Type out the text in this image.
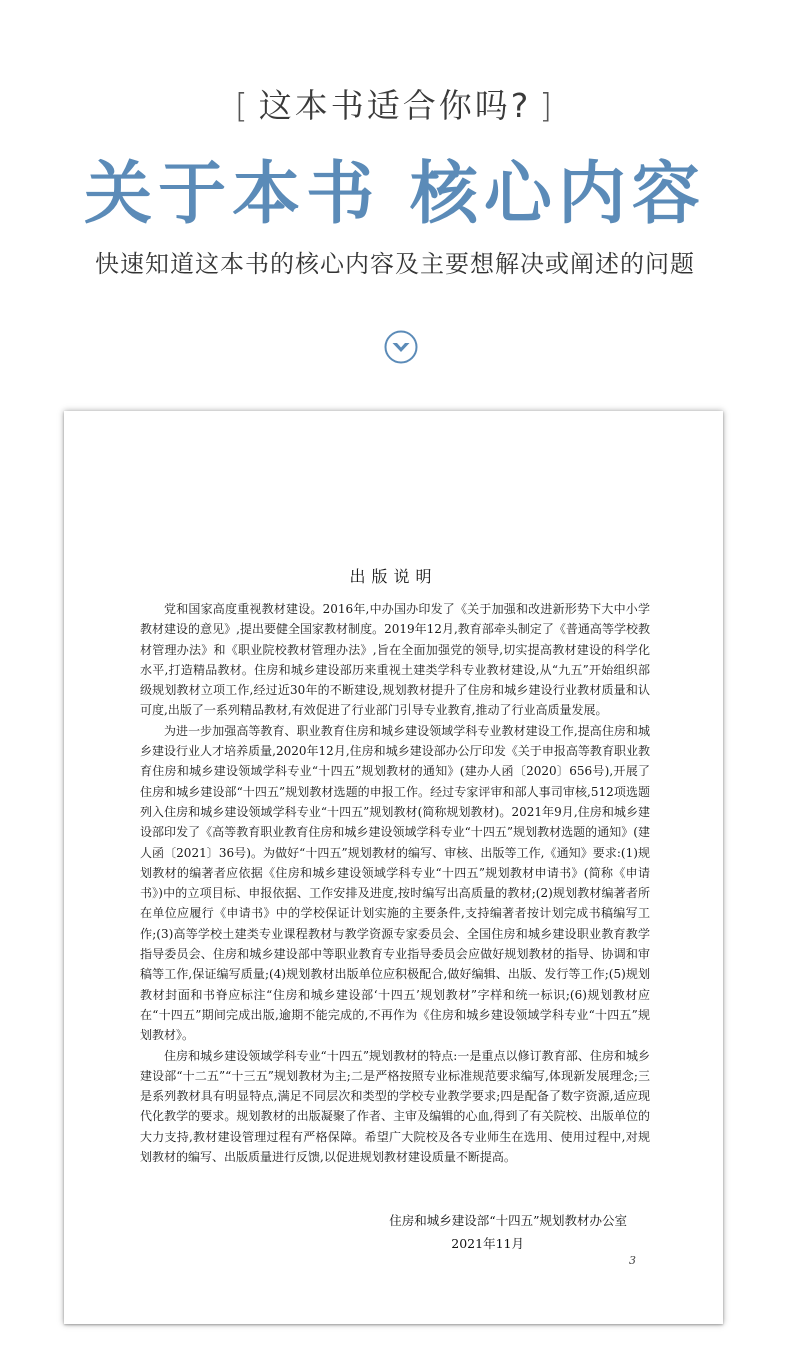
[ 这本书适合你吗? ]
关于本书 核心内容
快速知道这本书的核心内容及主要想解决或阐述的问题
出版说明

党和国家高度重视教材建设。2016年,中办国办印发了《关于加强和改进新形势下大中小学教材建设的意见》,提出要健全国家教材制度。2019年12月,教育部牵头制定了《普通高等学校教材管理办法》和《职业院校教材管理办法》,旨在全面加强党的领导,切实提高教材建设的科学化水平,打造精品教材。住房和城乡建设部历来重视土建类学科专业教材建设,从“九五”开始组织部级规划教材立项工作,经过近30年的不断建设,规划教材提升了住房和城乡建设行业教材质量和认可度,出版了一系列精品教材,有效促进了行业部门引导专业教育,推动了行业高质量发展。

为进一步加强高等教育、职业教育住房和城乡建设领域学科专业教材建设工作,提高住房和城乡建设行业人才培养质量,2020年12月,住房和城乡建设部办公厅印发《关于申报高等教育职业教育住房和城乡建设领域学科专业“十四五”规划教材的通知》(建办人函〔2020〕656号),开展了住房和城乡建设部“十四五”规划教材选题的申报工作。经过专家评审和部人事司审核,512项选题列入住房和城乡建设领域学科专业“十四五”规划教材(简称规划教材)。2021年9月,住房和城乡建设部印发了《高等教育职业教育住房和城乡建设领域学科专业“十四五”规划教材选题的通知》(建人函〔2021〕36号)。为做好“十四五”规划教材的编写、审核、出版等工作,《通知》要求:(1)规划教材的编著者应依据《住房和城乡建设领域学科专业“十四五”规划教材申请书》(简称《申请书》)中的立项目标、申报依据、工作安排及进度,按时编写出高质量的教材;(2)规划教材编著者所在单位应履行《申请书》中的学校保证计划实施的主要条件,支持编著者按计划完成书稿编写工作;(3)高等学校土建类专业课程教材与教学资源专家委员会、全国住房和城乡建设职业教育教学指导委员会、住房和城乡建设部中等职业教育专业指导委员会应做好规划教材的指导、协调和审稿等工作,保证编写质量;(4)规划教材出版单位应积极配合,做好编辑、出版、发行等工作;(5)规划教材封面和书脊应标注“住房和城乡建设部‘十四五’规划教材”字样和统一标识;(6)规划教材应在“十四五”期间完成出版,逾期不能完成的,不再作为《住房和城乡建设领域学科专业“十四五”规划教材》。

住房和城乡建设领域学科专业“十四五”规划教材的特点:一是重点以修订教育部、住房和城乡建设部“十二五”“十三五”规划教材为主;二是严格按照专业标准规范要求编写,体现新发展理念;三是系列教材具有明显特点,满足不同层次和类型的学校专业教学要求;四是配备了数字资源,适应现代化教学的要求。规划教材的出版凝聚了作者、主审及编辑的心血,得到了有关院校、出版单位的大力支持,教材建设管理过程有严格保障。希望广大院校及各专业师生在选用、使用过程中,对规划教材的编写、出版质量进行反馈,以促进规划教材建设质量不断提高。

住房和城乡建设部“十四五”规划教材办公室
2021年11月
3
